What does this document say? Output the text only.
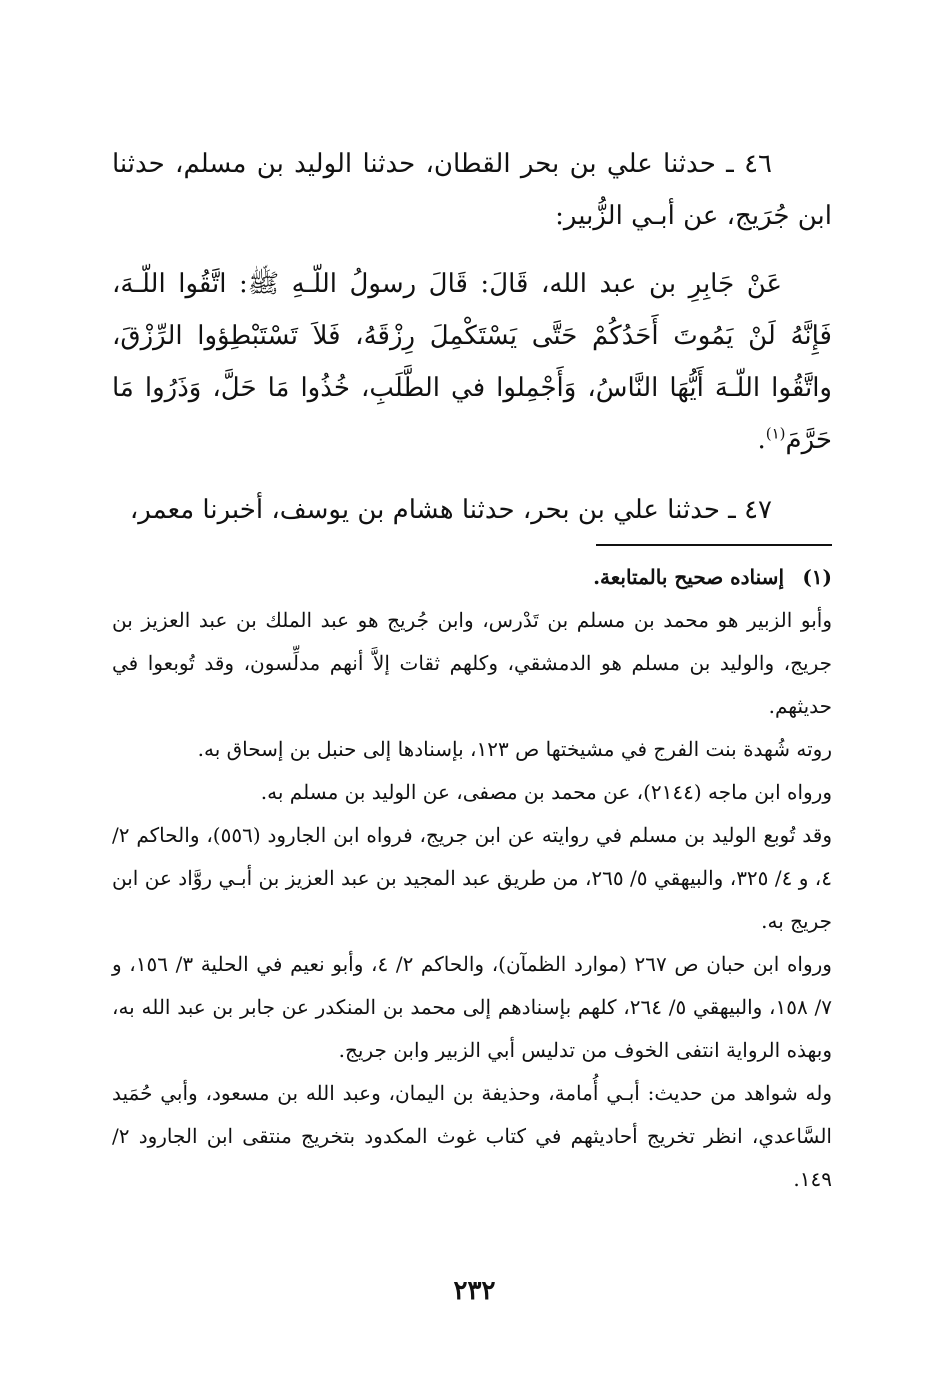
٤٦ ـ حدثنا علي بن بحر القطان، حدثنا الوليد بن مسلم، حدثنا ابن جُرَيج، عن أبـي الزُّبير:

عَنْ جَابِرِ بن عبد الله، قَالَ: قَالَ رسولُ اللّـهِ ﷺ: اتَّقُوا اللّـهَ، فَإِنَّهُ لَنْ يَمُوتَ أَحَدُكُمْ حَتَّى يَسْتَكْمِلَ رِزْقَهُ، فَلاَ تَسْتَبْطِؤوا الرِّزْقَ، واتَّقُوا اللّـهَ أَيُّهَا النَّاسُ، وَأَجْمِلوا في الطَّلَبِ، خُذُوا مَا حَلَّ، وَذَرُوا مَا حَرَّمَ$^{(١)}$.

٤٧ ـ حدثنا علي بن بحر، حدثنا هشام بن يوسف، أخبرنا معمر،

(١)إسناده صحيح بالمتابعة.

وأبو الزبير هو محمد بن مسلم بن تَدْرس، وابن جُريج هو عبد الملك بن عبد العزيز بن جريج، والوليد بن مسلم هو الدمشقي، وكلهم ثقات إلاَّ أنهم مدلِّسون، وقد تُوبعوا في حديثهم.

روته شُهدة بنت الفرج في مشيختها ص ١٢٣، بإسنادها إلى حنبل بن إسحاق به.

ورواه ابن ماجه (٢١٤٤)، عن محمد بن مصفى، عن الوليد بن مسلم به.

وقد تُوبع الوليد بن مسلم في روايته عن ابن جريج، فرواه ابن الجارود (٥٥٦)، والحاكم ٢/ ٤، و ٤/ ٣٢٥، والبيهقي ٥/ ٢٦٥، من طريق عبد المجيد بن عبد العزيز بن أبـي روَّاد عن ابن جريج به.

ورواه ابن حبان ص ٢٦٧ (موارد الظمآن)، والحاكم ٢/ ٤، وأبو نعيم في الحلية ٣/ ١٥٦، و ٧/ ١٥٨، والبيهقي ٥/ ٢٦٤، كلهم بإسنادهم إلى محمد بن المنكدر عن جابر بن عبد الله به، وبهذه الرواية انتفى الخوف من تدليس أبي الزبير وابن جريج.

وله شواهد من حديث: أبـي أُمامة، وحذيفة بن اليمان، وعبد الله بن مسعود، وأبي حُمَيد السَّاعدي، انظر تخريج أحاديثهم في كتاب غوث المكدود بتخريج منتقى ابن الجارود ٢/ ١٤٩.

٢٣٢
